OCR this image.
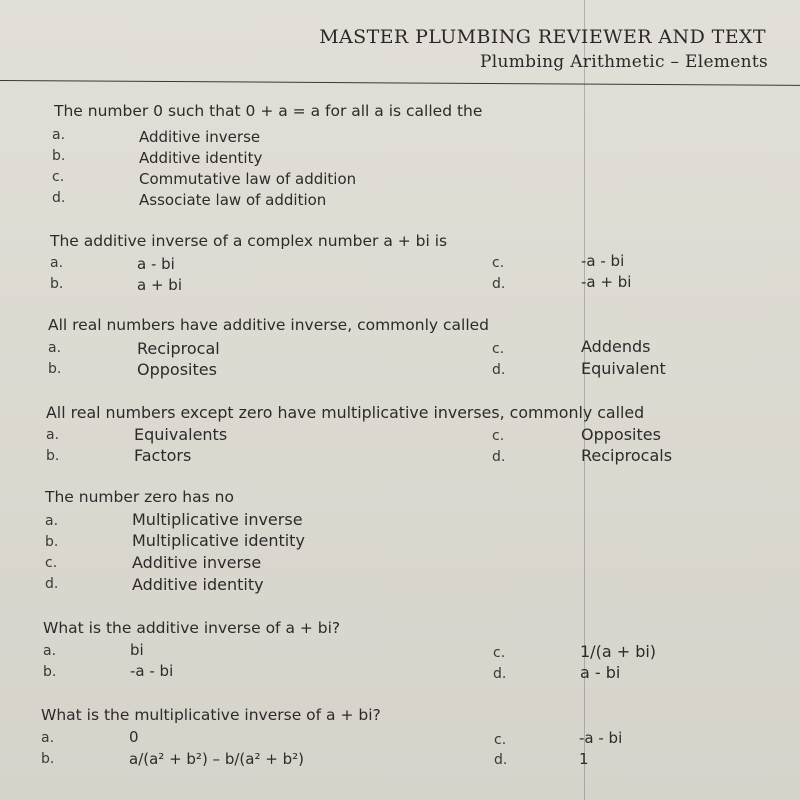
MASTER PLUMBING REVIEWER AND TEXT
Plumbing Arithmetic – Elements
The number 0 such that 0 + a = a for all a is called the
a.	Additive inverse
b.	Additive identity
c.	Commutative law of addition
d.	Associate law of addition
The additive inverse of a complex number a + bi is
a.	a - bi
b.	a + bi
c.	-a - bi
d.	-a + bi
All real numbers have additive inverse, commonly called
a.	Reciprocal
b.	Opposites
c.	Addends
d.	Equivalent
All real numbers except zero have multiplicative inverses, commonly called
a.	Equivalents
b.	Factors
c.	Opposites
d.	Reciprocals
The number zero has no
a.	Multiplicative inverse
b.	Multiplicative identity
c.	Additive inverse
d.	Additive identity
What is the additive inverse of a + bi?
a.	bi
b.	-a - bi
c.	1/(a + bi)
d.	a - bi
What is the multiplicative inverse of a + bi?
a.	0
b.	a/(a² + b²) – b/(a² + b²)
c.	-a - bi
d.	1
